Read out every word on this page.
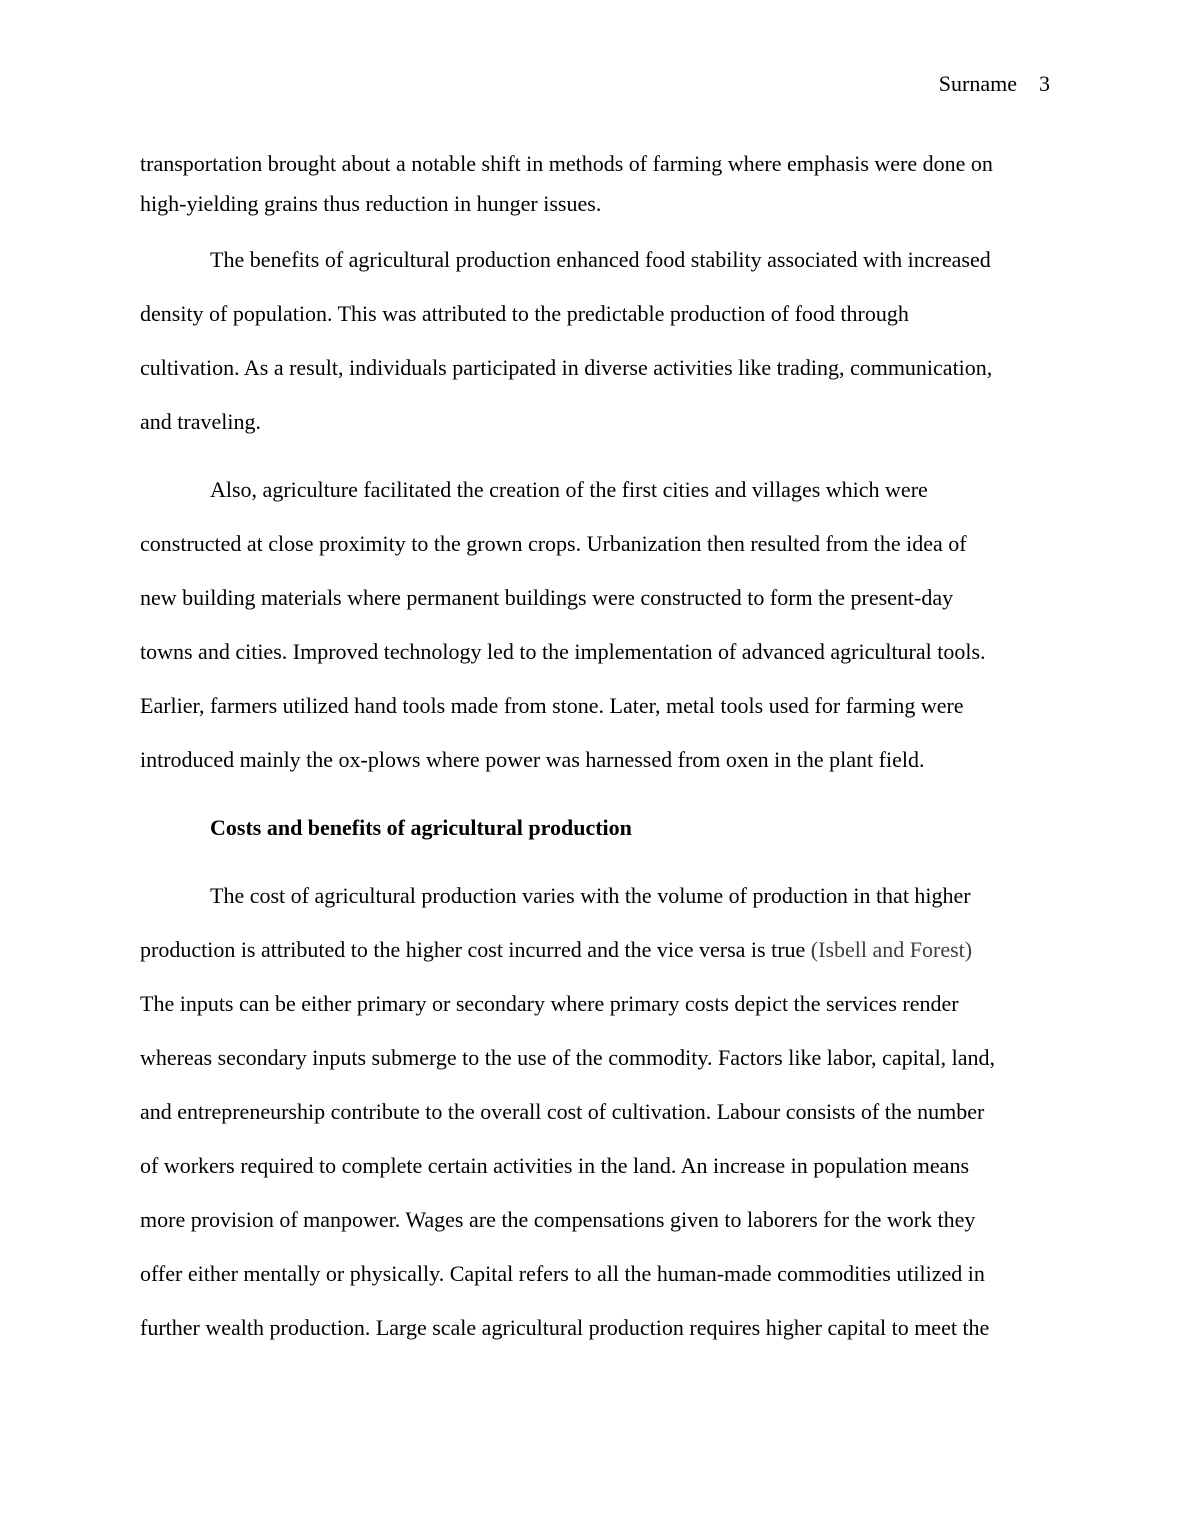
Surname 3
transportation brought about a notable shift in methods of farming where emphasis were done on
high-yielding grains thus reduction in hunger issues.
The benefits of agricultural production enhanced food stability associated with increased
density of population. This was attributed to the predictable production of food through
cultivation. As a result, individuals participated in diverse activities like trading, communication,
and traveling.
Also, agriculture facilitated the creation of the first cities and villages which were
constructed at close proximity to the grown crops. Urbanization then resulted from the idea of
new building materials where permanent buildings were constructed to form the present-day
towns and cities. Improved technology led to the implementation of advanced agricultural tools.
Earlier, farmers utilized hand tools made from stone. Later, metal tools used for farming were
introduced mainly the ox-plows where power was harnessed from oxen in the plant field.
Costs and benefits of agricultural production
The cost of agricultural production varies with the volume of production in that higher
production is attributed to the higher cost incurred and the vice versa is true (Isbell and Forest)
The inputs can be either primary or secondary where primary costs depict the services render
whereas secondary inputs submerge to the use of the commodity. Factors like labor, capital, land,
and entrepreneurship contribute to the overall cost of cultivation. Labour consists of the number
of workers required to complete certain activities in the land. An increase in population means
more provision of manpower. Wages are the compensations given to laborers for the work they
offer either mentally or physically. Capital refers to all the human-made commodities utilized in
further wealth production. Large scale agricultural production requires higher capital to meet the
